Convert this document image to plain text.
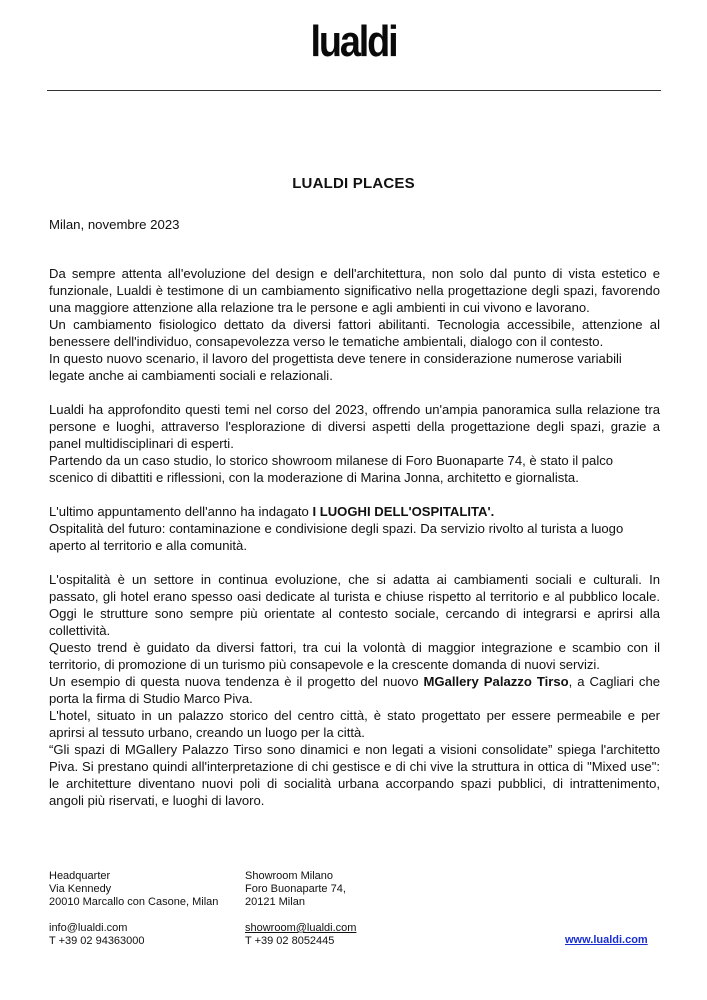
lualdi
LUALDI PLACES
Milan, novembre 2023

Da sempre attenta all'evoluzione del design e dell'architettura, non solo dal punto di vista estetico e funzionale, Lualdi è testimone di un cambiamento significativo nella progettazione degli spazi, favorendo una maggiore attenzione alla relazione tra le persone e agli ambienti in cui vivono e lavorano.

Un cambiamento fisiologico dettato da diversi fattori abilitanti. Tecnologia accessibile, attenzione al benessere dell'individuo, consapevolezza verso le tematiche ambientali, dialogo con il contesto.

In questo nuovo scenario, il lavoro del progettista deve tenere in considerazione numerose variabili legate anche ai cambiamenti sociali e relazionali.

Lualdi ha approfondito questi temi nel corso del 2023, offrendo un'ampia panoramica sulla relazione tra persone e luoghi, attraverso l'esplorazione di diversi aspetti della progettazione degli spazi, grazie a panel multidisciplinari di esperti.

Partendo da un caso studio, lo storico showroom milanese di Foro Buonaparte 74, è stato il palco scenico di dibattiti e riflessioni, con la moderazione di Marina Jonna, architetto e giornalista.

L'ultimo appuntamento dell'anno ha indagato I LUOGHI DELL'OSPITALITA'.

Ospitalità del futuro: contaminazione e condivisione degli spazi. Da servizio rivolto al turista a luogo aperto al territorio e alla comunità.

L'ospitalità è un settore in continua evoluzione, che si adatta ai cambiamenti sociali e culturali. In passato, gli hotel erano spesso oasi dedicate al turista e chiuse rispetto al territorio e al pubblico locale. Oggi le strutture sono sempre più orientate al contesto sociale, cercando di integrarsi e aprirsi alla collettività.

Questo trend è guidato da diversi fattori, tra cui la volontà di maggior integrazione e scambio con il territorio, di promozione di un turismo più consapevole e la crescente domanda di nuovi servizi.

Un esempio di questa nuova tendenza è il progetto del nuovo MGallery Palazzo Tirso, a Cagliari che porta la firma di Studio Marco Piva.

L'hotel, situato in un palazzo storico del centro città, è stato progettato per essere permeabile e per aprirsi al tessuto urbano, creando un luogo per la città.

“Gli spazi di MGallery Palazzo Tirso sono dinamici e non legati a visioni consolidate” spiega l'architetto Piva. Si prestano quindi all'interpretazione di chi gestisce e di chi vive la struttura in ottica di "Mixed use": le architetture diventano nuovi poli di socialità urbana accorpando spazi pubblici, di intrattenimento, angoli più riservati, e luoghi di lavoro.

Headquarter
Via Kennedy
20010 Marcallo con Casone, Milan
info@lualdi.com
T +39 02 94363000
Showroom Milano
Foro Buonaparte 74,
20121 Milan
showroom@lualdi.com
T +39 02 8052445	www.lualdi.com
